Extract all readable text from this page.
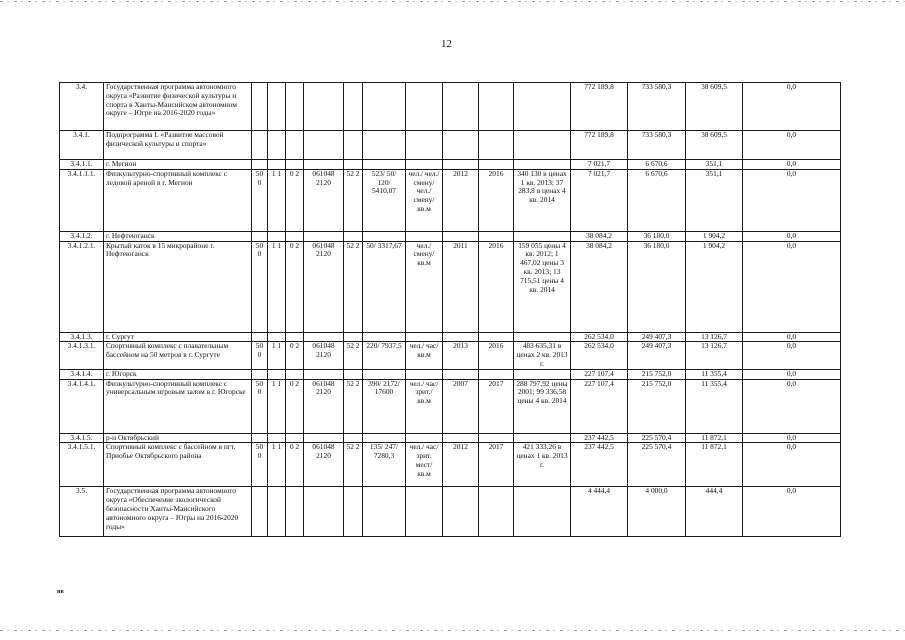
12
3.4.	Государственная программа автономного округа «Развитие физической культуры и спорта в Ханты-Мансийском автономном округе – Югре на 2016-2020 годы»											772 189,8	733 580,3	38 609,5	0,0
3.4.1.	Подпрограмма I. «Развитие массовой физической культуры и спорта»											772 189,8	733 580,3	38 609,5	0,0
3.4.1.1.	г. Мегион											7 021,7	6 670,6	351,1	0,0
3.4.1.1.1.	Физкультурно-спортивный комплекс с ледовой ареной в г. Мегион	50 0	1 1	0 2	061048 2120	52 2	523/ 50/ 120/ 5410,07	чел./ чел./ смену/ чел./ смену/ кв.м	2012	2016	340 130 в ценах 1 кв. 2013; 37 283,8 в ценах 4 кв. 2014	7 021,7	6 670,6	351,1	0,0
3.4.1.2.	г. Нефтеюганск											38 084,2	36 180,0	1 904,2	0,0
3.4.1.2.1.	Крытый каток в 15 микрорайоне г. Нефтеюганск	50 0	1 1	0 2	061048 2120	52 2	50/ 3317,67	чел./ смену/ кв.м	2011	2016	159 055 цены 4 кв. 2012; 1 467,02 цены 3 кв. 2013; 13 715,51 цены 4 кв. 2014	38 084,2	36 180,0	1 904,2	0,0
3.4.1.3.	г. Сургут											262 534,0	249 407,3	13 126,7	0,0
3.4.1.3.1.	Спортивный комплекс с плавательным бассейном на 50 метров в г. Сургуте	50 0	1 1	0 2	061048 2120	52 2	220/ 7937,5	чел./ час/ кв.м	2013	2016	483 635,31 в ценах 2 кв. 2013 г.	262 534,0	249 407,3	13 126,7	0,0
3.4.1.4.	г. Югорск											227 107,4	215 752,0	11 355,4	0,0
3.4.1.4.1.	Физкультурно-спортивный комплекс с универсальным игровым залом в г. Югорске	50 0	1 1	0 2	061048 2120	52 2	390/ 2172/ 17600	чел./ час/ зрит./ кв.м	2007	2017	288 797,92 цены 2001; 99 336,58 цены 4 кв. 2014	227 107,4	215 752,0	11 355,4	0,0
3.4.1.5.	р-н Октябрьский											237 442,5	225 570,4	11 872,1	0,0
3.4.1.5.1.	Спортивный комплекс с бассейном в пгт. Приобье Октябрьского района	50 0	1 1	0 2	061048 2120	52 2	135/ 247/ 7280,3	чел./ час/ зрит. мест/ кв.м	2012	2017	421 333,26 в ценах 1 кв. 2013 г.	237 442,5	225 570,4	11 872,1	0,0
3.5.	Государственная программа автономного округа «Обеспечение экологической безопасности Ханты-Мансийского автономного округа – Югры на 2016-2020 годы»											4 444,4	4 000,0	444,4	0,0
нв
